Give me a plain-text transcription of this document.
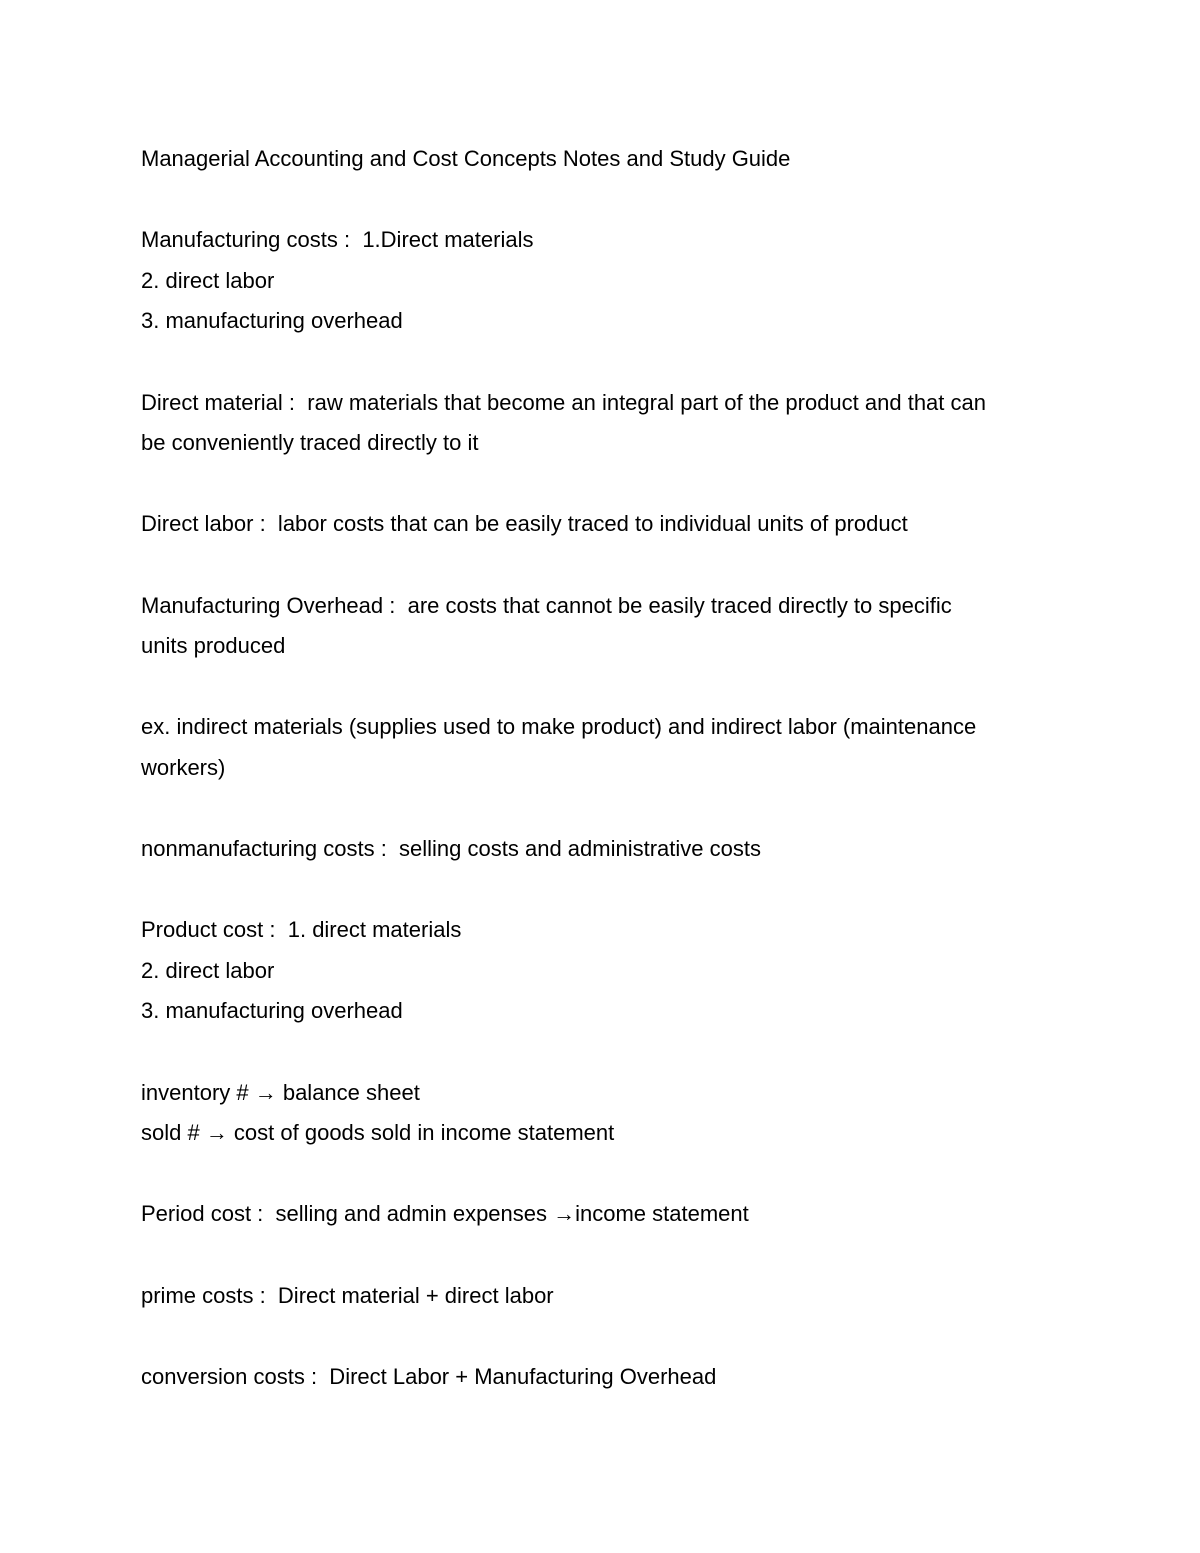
Managerial Accounting and Cost Concepts Notes and Study Guide

Manufacturing costs :  1.Direct materials

2. direct labor

3. manufacturing overhead

Direct material :  raw materials that become an integral part of the product and that can

be conveniently traced directly to it

Direct labor :  labor costs that can be easily traced to individual units of product

Manufacturing Overhead :  are costs that cannot be easily traced directly to specific

units produced

ex. indirect materials (supplies used to make product) and indirect labor (maintenance

workers)

nonmanufacturing costs :  selling costs and administrative costs

Product cost :  1. direct materials

2. direct labor

3. manufacturing overhead

inventory # → balance sheet

sold # → cost of goods sold in income statement

Period cost :  selling and admin expenses →income statement

prime costs :  Direct material + direct labor

conversion costs :  Direct Labor + Manufacturing Overhead
